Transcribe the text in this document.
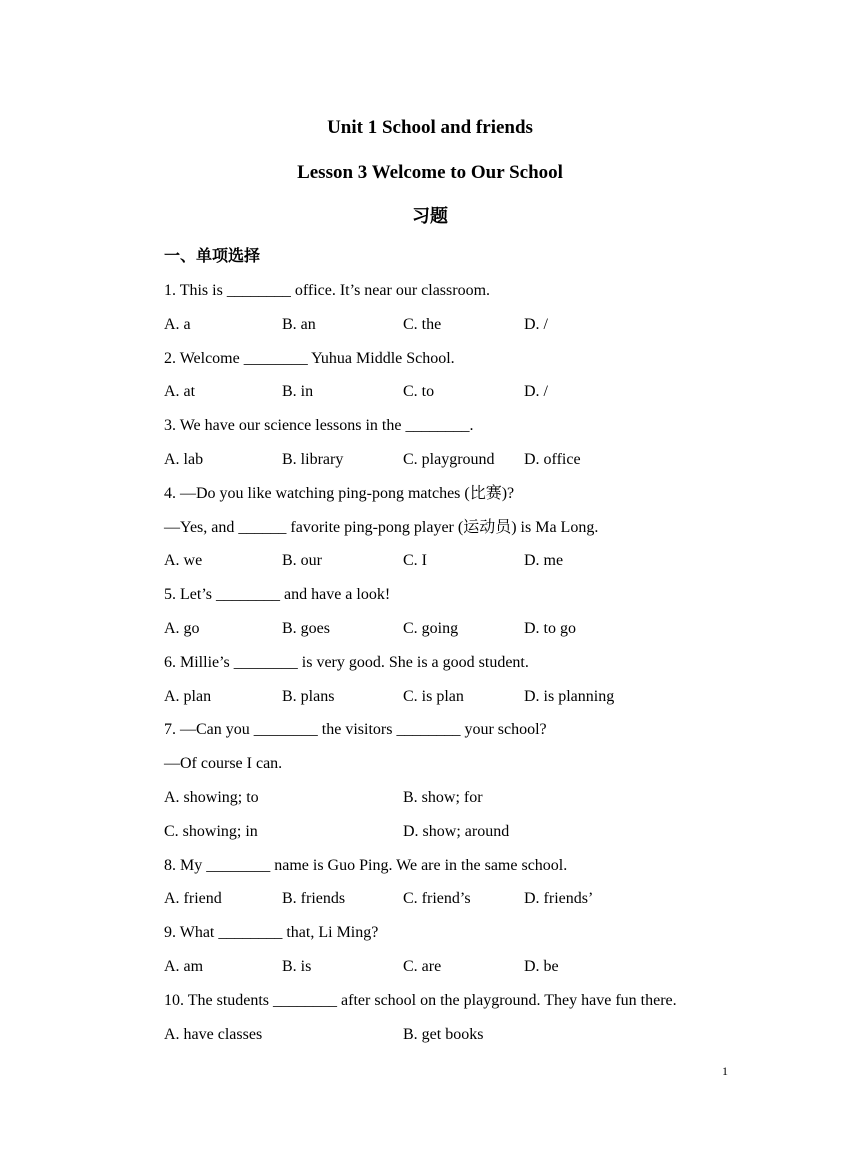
Unit 1 School and friends
Lesson 3 Welcome to Our School
习题
一、单项选择
1. This is ________ office. It’s near our classroom.
A. a	B. an	C. the	D. /
2. Welcome ________ Yuhua Middle School.
A. at	B. in	C. to	D. /
3. We have our science lessons in the ________.
A. lab	B. library	C. playground D. office
4. —Do you like watching ping-pong matches (比赛)?
—Yes, and ______ favorite ping-pong player (运动员) is Ma Long.
A. we	B. our	C. I	D. me
5. Let’s ________ and have a look!
A. go	B. goes	C. going	D. to go
6. Millie’s ________ is very good. She is a good student.
A. plan	B. plans	C. is plan	D. is planning
7. —Can you ________ the visitors ________ your school?
—Of course I can.
A. showing; to	B. show; for
C. showing; in	D. show; around
8. My ________ name is Guo Ping. We are in the same school.
A. friend	B. friends	C. friend’s	D. friends’
9. What ________ that, Li Ming?
A. am	B. is	C. are	D. be
10. The students ________ after school on the playground. They have fun there.
A. have classes	B. get books
1
